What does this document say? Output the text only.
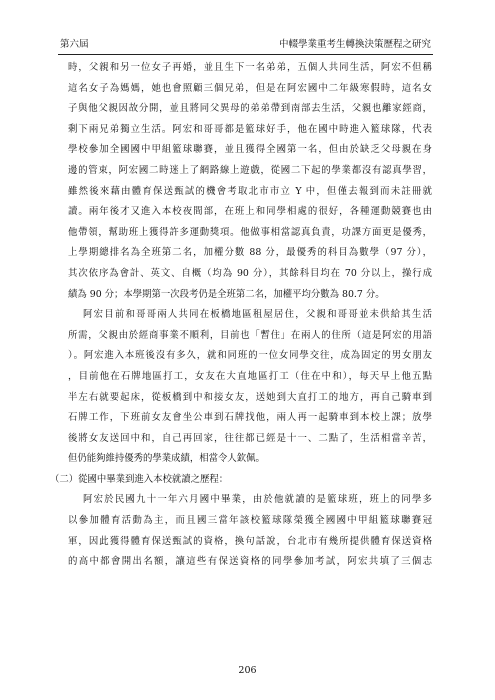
第六屆	中輟學業重考生轉換決策歷程之研究
時，父親和另一位女子再婚，並且生下一名弟弟，五個人共同生活，阿宏不但稱
這名女子為媽媽，她也會照顧三個兄弟，但是在阿宏國中二年級寒假時，這名女
子與他父親因故分開，並且將同父異母的弟弟帶到南部去生活，父親也離家經商，
剩下兩兄弟獨立生活。阿宏和哥哥都是籃球好手，他在國中時進入籃球隊，代表
學校參加全國國中甲組籃球聯賽，並且獲得全國第一名，但由於缺乏父母親在身
邊的管束，阿宏國二時迷上了網路線上遊戲，從國二下起的學業都沒有認真學習，
雖然後來藉由體育保送甄試的機會考取北市市立 Y 中，但僅去報到而未註冊就
讀。兩年後才又進入本校夜間部，在班上和同學相處的很好，各種運動競賽也由
他帶領，幫助班上獲得許多運動獎項。他做事相當認真負責，功課方面更是優秀，
上學期總排名為全班第二名，加權分數 88 分，最優秀的科目為數學（97 分），
其次依序為會計、英文、自概（均為 90 分），其餘科目均在 70 分以上，操行成
績為 90 分；本學期第一次段考仍是全班第二名，加權平均分數為 80.7 分。
阿宏目前和哥哥兩人共同在板橋地區租屋居住，父親和哥哥並未供給其生活
所需，父親由於經商事業不順利，目前也「暫住」在兩人的住所（這是阿宏的用語
）。阿宏進入本班後沒有多久，就和同班的一位女同學交往，成為固定的男女朋友
，目前他在石牌地區打工，女友在大直地區打工（住在中和），每天早上他五點
半左右就要起床，從板橋到中和接女友，送她到大直打工的地方，再自己騎車到
石牌工作，下班前女友會坐公車到石牌找他，兩人再一起騎車到本校上課；放學
後將女友送回中和，自己再回家，往往都已經是十一、二點了，生活相當辛苦，
但仍能夠維持優秀的學業成績，相當令人欽佩。
（二）從國中畢業到進入本校就讀之歷程：
阿宏於民國九十一年六月國中畢業，由於他就讀的是籃球班，班上的同學多
以參加體育活動為主，而且國三當年該校籃球隊榮獲全國國中甲組籃球聯賽冠
軍，因此獲得體育保送甄試的資格，換句話說，台北市有幾所提供體育保送資格
的高中都會開出名額，讓這些有保送資格的同學參加考試，阿宏共填了三個志
206
